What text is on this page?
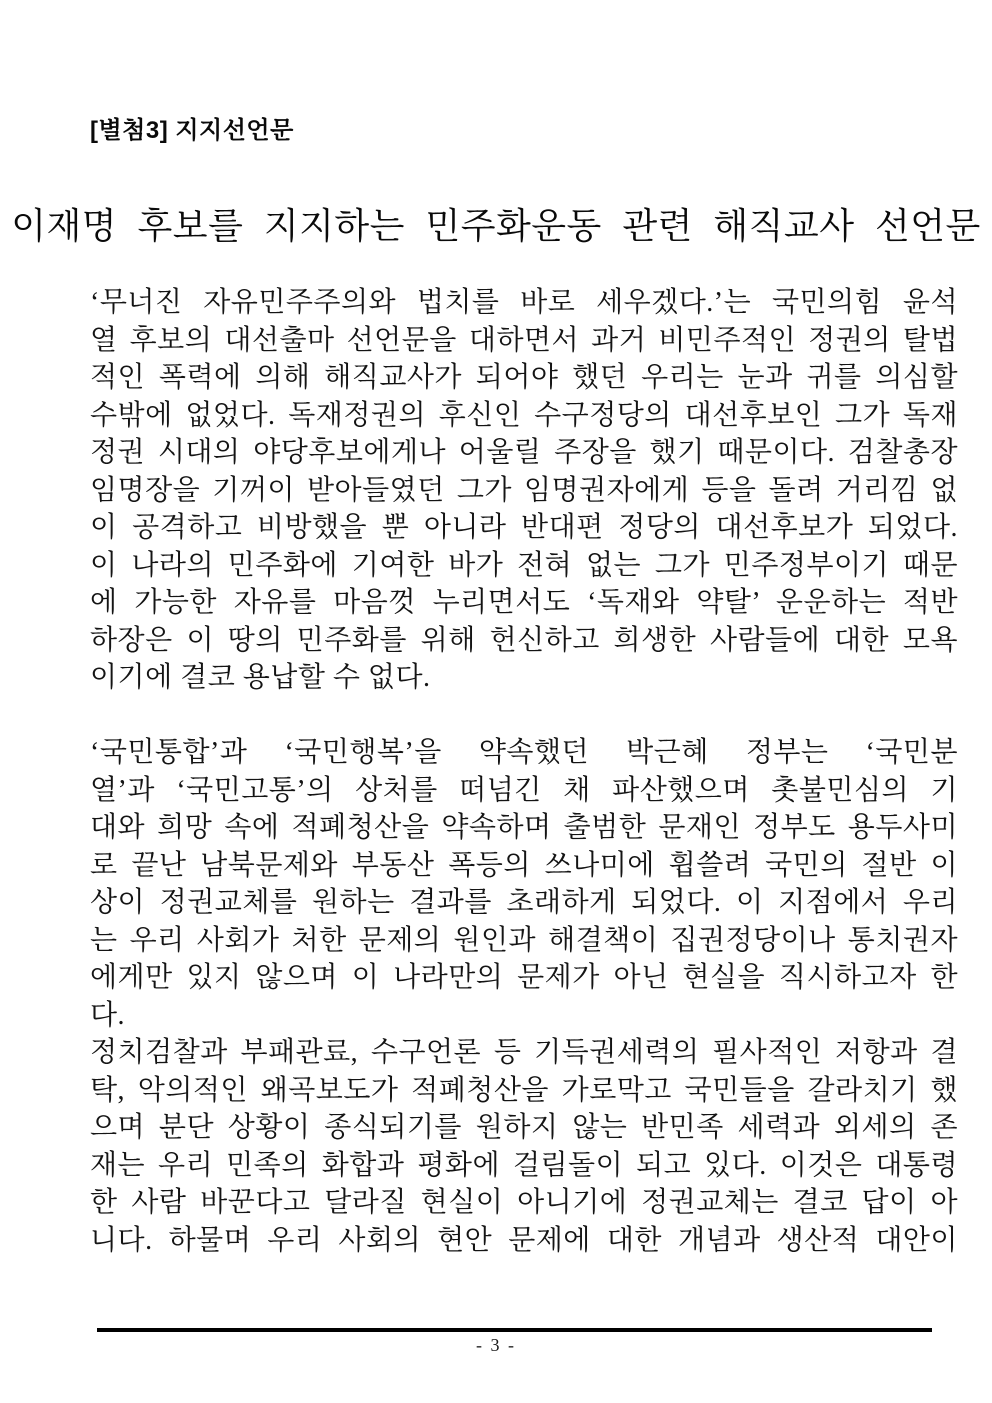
[별첨3] 지지선언문
이재명 후보를 지지하는 민주화운동 관련 해직교사 선언문
‘무너진 자유민주주의와 법치를 바로 세우겠다.’는 국민의힘 윤석
열 후보의 대선출마 선언문을 대하면서 과거 비민주적인 정권의 탈법
적인 폭력에 의해 해직교사가 되어야 했던 우리는 눈과 귀를 의심할
수밖에 없었다. 독재정권의 후신인 수구정당의 대선후보인 그가 독재
정권 시대의 야당후보에게나 어울릴 주장을 했기 때문이다. 검찰총장
임명장을 기꺼이 받아들였던 그가 임명권자에게 등을 돌려 거리낌 없
이 공격하고 비방했을 뿐 아니라 반대편 정당의 대선후보가 되었다.
이 나라의 민주화에 기여한 바가 전혀 없는 그가 민주정부이기 때문
에 가능한 자유를 마음껏 누리면서도 ‘독재와 약탈’ 운운하는 적반
하장은 이 땅의 민주화를 위해 헌신하고 희생한 사람들에 대한 모욕
이기에 결코 용납할 수 없다.
‘국민통합’과 ‘국민행복’을 약속했던 박근혜 정부는 ‘국민분
열’과 ‘국민고통’의 상처를 떠넘긴 채 파산했으며 촛불민심의 기
대와 희망 속에 적폐청산을 약속하며 출범한 문재인 정부도 용두사미
로 끝난 남북문제와 부동산 폭등의 쓰나미에 휩쓸려 국민의 절반 이
상이 정권교체를 원하는 결과를 초래하게 되었다. 이 지점에서 우리
는 우리 사회가 처한 문제의 원인과 해결책이 집권정당이나 통치권자
에게만 있지 않으며 이 나라만의 문제가 아닌 현실을 직시하고자 한
다.
정치검찰과 부패관료, 수구언론 등 기득권세력의 필사적인 저항과 결
탁, 악의적인 왜곡보도가 적폐청산을 가로막고 국민들을 갈라치기 했
으며 분단 상황이 종식되기를 원하지 않는 반민족 세력과 외세의 존
재는 우리 민족의 화합과 평화에 걸림돌이 되고 있다. 이것은 대통령
한 사람 바꾼다고 달라질 현실이 아니기에 정권교체는 결코 답이 아
니다. 하물며 우리 사회의 현안 문제에 대한 개념과 생산적 대안이
- 3 -
